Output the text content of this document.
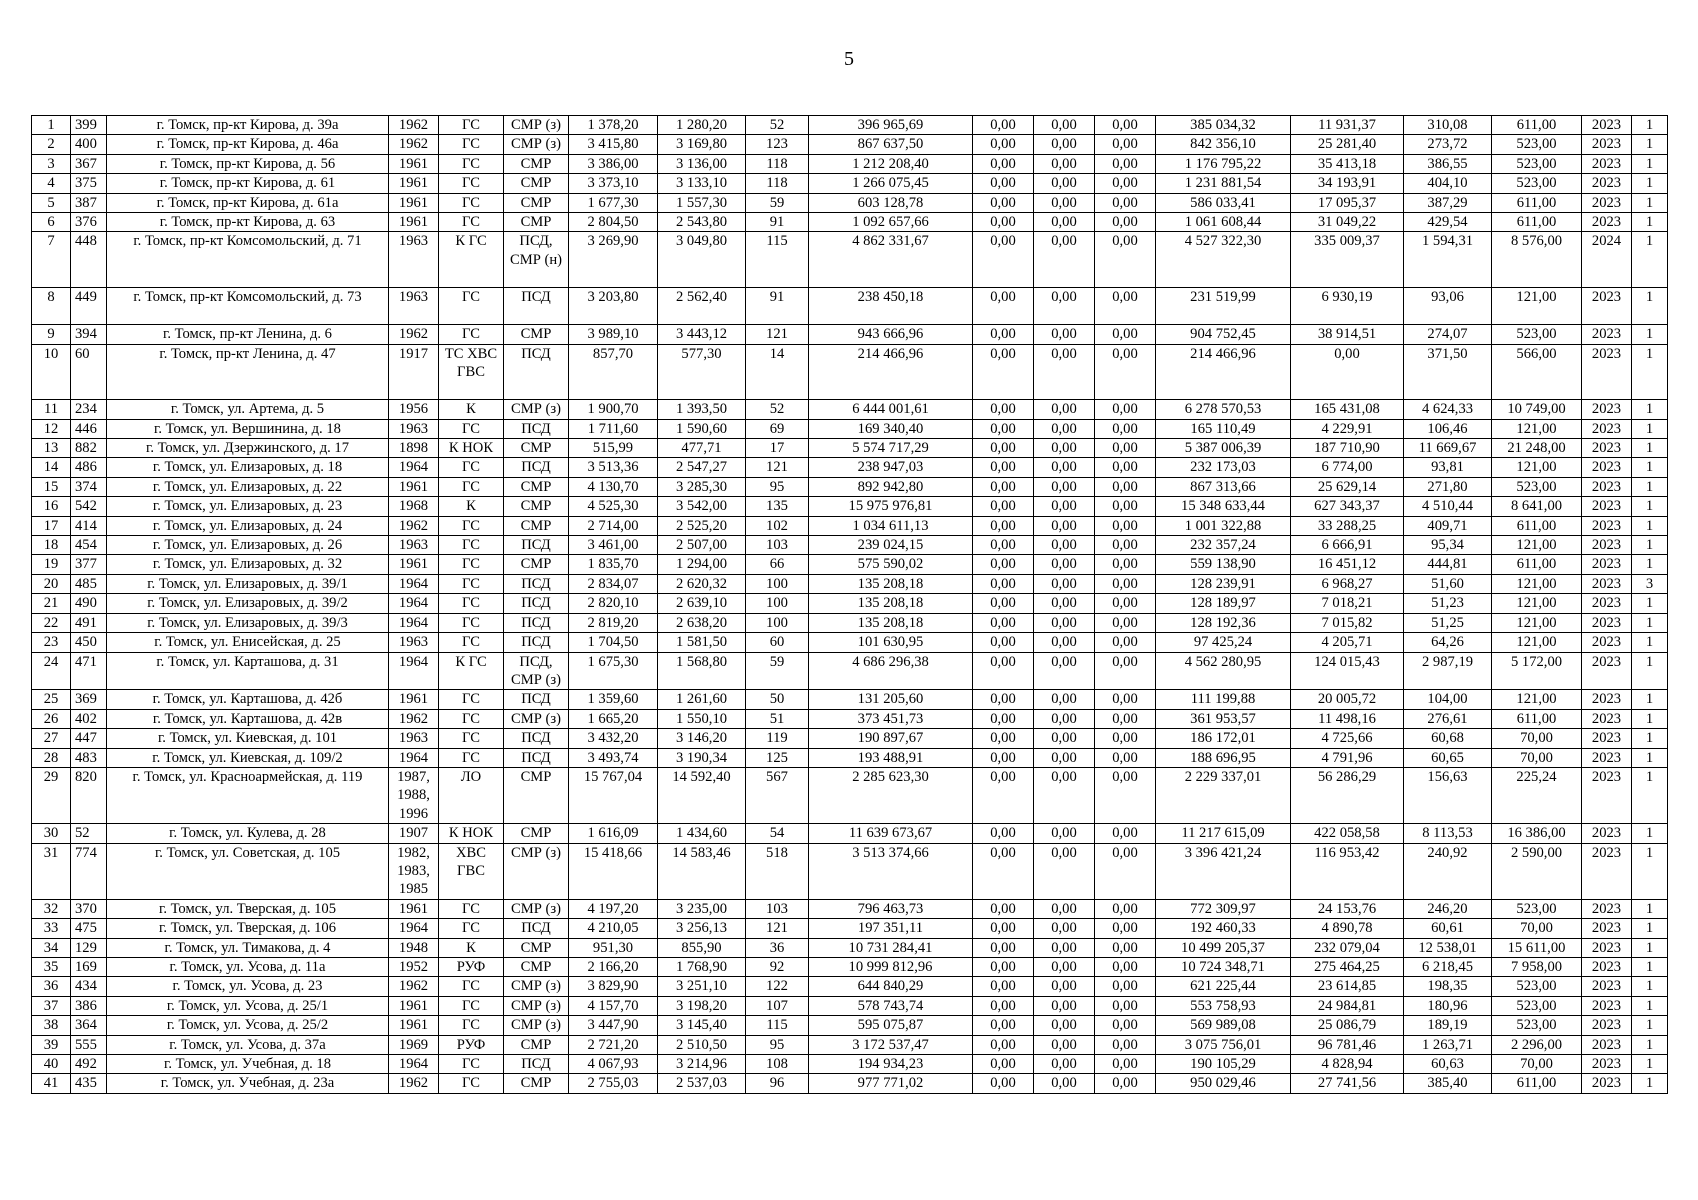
5
1	399	г. Томск, пр-кт Кирова, д. 39а	1962	ГС	СМР (з)	1 378,20	1 280,20	52	396 965,69	0,00	0,00	0,00	385 034,32	11 931,37	310,08	611,00	2023	1
2	400	г. Томск, пр-кт Кирова, д. 46а	1962	ГС	СМР (з)	3 415,80	3 169,80	123	867 637,50	0,00	0,00	0,00	842 356,10	25 281,40	273,72	523,00	2023	1
3	367	г. Томск, пр-кт Кирова, д. 56	1961	ГС	СМР	3 386,00	3 136,00	118	1 212 208,40	0,00	0,00	0,00	1 176 795,22	35 413,18	386,55	523,00	2023	1
4	375	г. Томск, пр-кт Кирова, д. 61	1961	ГС	СМР	3 373,10	3 133,10	118	1 266 075,45	0,00	0,00	0,00	1 231 881,54	34 193,91	404,10	523,00	2023	1
5	387	г. Томск, пр-кт Кирова, д. 61а	1961	ГС	СМР	1 677,30	1 557,30	59	603 128,78	0,00	0,00	0,00	586 033,41	17 095,37	387,29	611,00	2023	1
6	376	г. Томск, пр-кт Кирова, д. 63	1961	ГС	СМР	2 804,50	2 543,80	91	1 092 657,66	0,00	0,00	0,00	1 061 608,44	31 049,22	429,54	611,00	2023	1
7	448	г. Томск, пр-кт Комсомольский, д. 71	1963	К ГС	ПСД,
СМР (н)	3 269,90	3 049,80	115	4 862 331,67	0,00	0,00	0,00	4 527 322,30	335 009,37	1 594,31	8 576,00	2024	1
8	449	г. Томск, пр-кт Комсомольский, д. 73	1963	ГС	ПСД	3 203,80	2 562,40	91	238 450,18	0,00	0,00	0,00	231 519,99	6 930,19	93,06	121,00	2023	1
9	394	г. Томск, пр-кт Ленина, д. 6	1962	ГС	СМР	3 989,10	3 443,12	121	943 666,96	0,00	0,00	0,00	904 752,45	38 914,51	274,07	523,00	2023	1
10	60	г. Томск, пр-кт Ленина, д. 47	1917	ТС ХВС
ГВС	ПСД	857,70	577,30	14	214 466,96	0,00	0,00	0,00	214 466,96	0,00	371,50	566,00	2023	1
11	234	г. Томск, ул. Артема, д. 5	1956	К	СМР (з)	1 900,70	1 393,50	52	6 444 001,61	0,00	0,00	0,00	6 278 570,53	165 431,08	4 624,33	10 749,00	2023	1
12	446	г. Томск, ул. Вершинина, д. 18	1963	ГС	ПСД	1 711,60	1 590,60	69	169 340,40	0,00	0,00	0,00	165 110,49	4 229,91	106,46	121,00	2023	1
13	882	г. Томск, ул. Дзержинского, д. 17	1898	К НОК	СМР	515,99	477,71	17	5 574 717,29	0,00	0,00	0,00	5 387 006,39	187 710,90	11 669,67	21 248,00	2023	1
14	486	г. Томск, ул. Елизаровых, д. 18	1964	ГС	ПСД	3 513,36	2 547,27	121	238 947,03	0,00	0,00	0,00	232 173,03	6 774,00	93,81	121,00	2023	1
15	374	г. Томск, ул. Елизаровых, д. 22	1961	ГС	СМР	4 130,70	3 285,30	95	892 942,80	0,00	0,00	0,00	867 313,66	25 629,14	271,80	523,00	2023	1
16	542	г. Томск, ул. Елизаровых, д. 23	1968	К	СМР	4 525,30	3 542,00	135	15 975 976,81	0,00	0,00	0,00	15 348 633,44	627 343,37	4 510,44	8 641,00	2023	1
17	414	г. Томск, ул. Елизаровых, д. 24	1962	ГС	СМР	2 714,00	2 525,20	102	1 034 611,13	0,00	0,00	0,00	1 001 322,88	33 288,25	409,71	611,00	2023	1
18	454	г. Томск, ул. Елизаровых, д. 26	1963	ГС	ПСД	3 461,00	2 507,00	103	239 024,15	0,00	0,00	0,00	232 357,24	6 666,91	95,34	121,00	2023	1
19	377	г. Томск, ул. Елизаровых, д. 32	1961	ГС	СМР	1 835,70	1 294,00	66	575 590,02	0,00	0,00	0,00	559 138,90	16 451,12	444,81	611,00	2023	1
20	485	г. Томск, ул. Елизаровых, д. 39/1	1964	ГС	ПСД	2 834,07	2 620,32	100	135 208,18	0,00	0,00	0,00	128 239,91	6 968,27	51,60	121,00	2023	3
21	490	г. Томск, ул. Елизаровых, д. 39/2	1964	ГС	ПСД	2 820,10	2 639,10	100	135 208,18	0,00	0,00	0,00	128 189,97	7 018,21	51,23	121,00	2023	1
22	491	г. Томск, ул. Елизаровых, д. 39/3	1964	ГС	ПСД	2 819,20	2 638,20	100	135 208,18	0,00	0,00	0,00	128 192,36	7 015,82	51,25	121,00	2023	1
23	450	г. Томск, ул. Енисейская, д. 25	1963	ГС	ПСД	1 704,50	1 581,50	60	101 630,95	0,00	0,00	0,00	97 425,24	4 205,71	64,26	121,00	2023	1
24	471	г. Томск, ул. Карташова, д. 31	1964	К ГС	ПСД,
СМР (з)	1 675,30	1 568,80	59	4 686 296,38	0,00	0,00	0,00	4 562 280,95	124 015,43	2 987,19	5 172,00	2023	1
25	369	г. Томск, ул. Карташова, д. 42б	1961	ГС	ПСД	1 359,60	1 261,60	50	131 205,60	0,00	0,00	0,00	111 199,88	20 005,72	104,00	121,00	2023	1
26	402	г. Томск, ул. Карташова, д. 42в	1962	ГС	СМР (з)	1 665,20	1 550,10	51	373 451,73	0,00	0,00	0,00	361 953,57	11 498,16	276,61	611,00	2023	1
27	447	г. Томск, ул. Киевская, д. 101	1963	ГС	ПСД	3 432,20	3 146,20	119	190 897,67	0,00	0,00	0,00	186 172,01	4 725,66	60,68	70,00	2023	1
28	483	г. Томск, ул. Киевская, д. 109/2	1964	ГС	ПСД	3 493,74	3 190,34	125	193 488,91	0,00	0,00	0,00	188 696,95	4 791,96	60,65	70,00	2023	1
29	820	г. Томск, ул. Красноармейская, д. 119	1987,
1988,
1996	ЛО	СМР	15 767,04	14 592,40	567	2 285 623,30	0,00	0,00	0,00	2 229 337,01	56 286,29	156,63	225,24	2023	1
30	52	г. Томск, ул. Кулева, д. 28	1907	К НОК	СМР	1 616,09	1 434,60	54	11 639 673,67	0,00	0,00	0,00	11 217 615,09	422 058,58	8 113,53	16 386,00	2023	1
31	774	г. Томск, ул. Советская, д. 105	1982,
1983,
1985	ХВС
ГВС	СМР (з)	15 418,66	14 583,46	518	3 513 374,66	0,00	0,00	0,00	3 396 421,24	116 953,42	240,92	2 590,00	2023	1
32	370	г. Томск, ул. Тверская, д. 105	1961	ГС	СМР (з)	4 197,20	3 235,00	103	796 463,73	0,00	0,00	0,00	772 309,97	24 153,76	246,20	523,00	2023	1
33	475	г. Томск, ул. Тверская, д. 106	1964	ГС	ПСД	4 210,05	3 256,13	121	197 351,11	0,00	0,00	0,00	192 460,33	4 890,78	60,61	70,00	2023	1
34	129	г. Томск, ул. Тимакова, д. 4	1948	К	СМР	951,30	855,90	36	10 731 284,41	0,00	0,00	0,00	10 499 205,37	232 079,04	12 538,01	15 611,00	2023	1
35	169	г. Томск, ул. Усова, д. 11а	1952	РУФ	СМР	2 166,20	1 768,90	92	10 999 812,96	0,00	0,00	0,00	10 724 348,71	275 464,25	6 218,45	7 958,00	2023	1
36	434	г. Томск, ул. Усова, д. 23	1962	ГС	СМР (з)	3 829,90	3 251,10	122	644 840,29	0,00	0,00	0,00	621 225,44	23 614,85	198,35	523,00	2023	1
37	386	г. Томск, ул. Усова, д. 25/1	1961	ГС	СМР (з)	4 157,70	3 198,20	107	578 743,74	0,00	0,00	0,00	553 758,93	24 984,81	180,96	523,00	2023	1
38	364	г. Томск, ул. Усова, д. 25/2	1961	ГС	СМР (з)	3 447,90	3 145,40	115	595 075,87	0,00	0,00	0,00	569 989,08	25 086,79	189,19	523,00	2023	1
39	555	г. Томск, ул. Усова, д. 37а	1969	РУФ	СМР	2 721,20	2 510,50	95	3 172 537,47	0,00	0,00	0,00	3 075 756,01	96 781,46	1 263,71	2 296,00	2023	1
40	492	г. Томск, ул. Учебная, д. 18	1964	ГС	ПСД	4 067,93	3 214,96	108	194 934,23	0,00	0,00	0,00	190 105,29	4 828,94	60,63	70,00	2023	1
41	435	г. Томск, ул. Учебная, д. 23а	1962	ГС	СМР	2 755,03	2 537,03	96	977 771,02	0,00	0,00	0,00	950 029,46	27 741,56	385,40	611,00	2023	1
